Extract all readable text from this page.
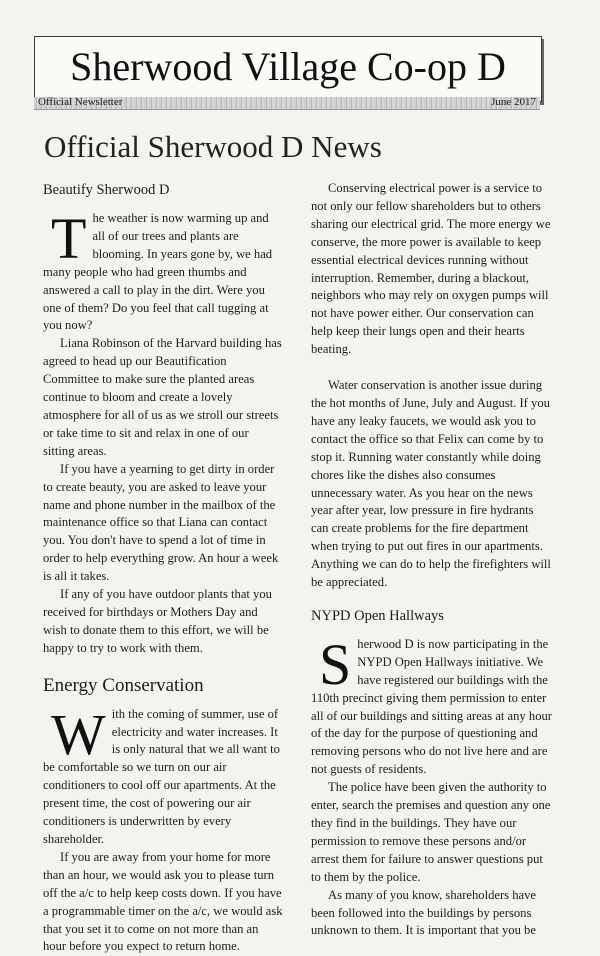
Sherwood Village Co-op D
Official Newsletter	June 2017
Official Sherwood D News
Beautify Sherwood D

The weather is now warming up and all of our trees and plants are blooming. In years gone by, we had many people who had green thumbs and answered a call to play in the dirt. Were you one of them? Do you feel that call tugging at you now?

Liana Robinson of the Harvard building has agreed to head up our Beautification Committee to make sure the planted areas continue to bloom and create a lovely atmosphere for all of us as we stroll our streets or take time to sit and relax in one of our sitting areas.

If you have a yearning to get dirty in order to create beauty, you are asked to leave your name and phone number in the mailbox of the maintenance office so that Liana can contact you. You don't have to spend a lot of time in order to help everything grow. An hour a week is all it takes.

If any of you have outdoor plants that you received for birthdays or Mothers Day and wish to donate them to this effort, we will be happy to try to work with them.

Energy Conservation

With the coming of summer, use of electricity and water increases. It is only natural that we all want to be comfortable so we turn on our air conditioners to cool off our apartments. At the present time, the cost of powering our air conditioners is underwritten by every shareholder.

If you are away from your home for more than an hour, we would ask you to please turn off the a/c to help keep costs down. If you have a programmable timer on the a/c, we would ask that you set it to come on not more than an hour before you expect to return home.

Conserving electrical power is a service to not only our fellow shareholders but to others sharing our electrical grid. The more energy we conserve, the more power is available to keep essential electrical devices running without interruption. Remember, during a blackout, neighbors who may rely on oxygen pumps will not have power either. Our conservation can help keep their lungs open and their hearts beating.

Water conservation is another issue during the hot months of June, July and August. If you have any leaky faucets, we would ask you to contact the office so that Felix can come by to stop it. Running water constantly while doing chores like the dishes also consumes unnecessary water. As you hear on the news year after year, low pressure in fire hydrants can create problems for the fire department when trying to put out fires in our apartments. Anything we can do to help the firefighters will be appreciated.

NYPD Open Hallways

Sherwood D is now participating in the NYPD Open Hallways initiative. We have registered our buildings with the 110th precinct giving them permission to enter all of our buildings and sitting areas at any hour of the day for the purpose of questioning and removing persons who do not live here and are not guests of residents.

The police have been given the authority to enter, search the premises and question any one they find in the buildings. They have our permission to remove these persons and/or arrest them for failure to answer questions put to them by the police.

As many of you know, shareholders have been followed into the buildings by persons unknown to them. It is important that you be
